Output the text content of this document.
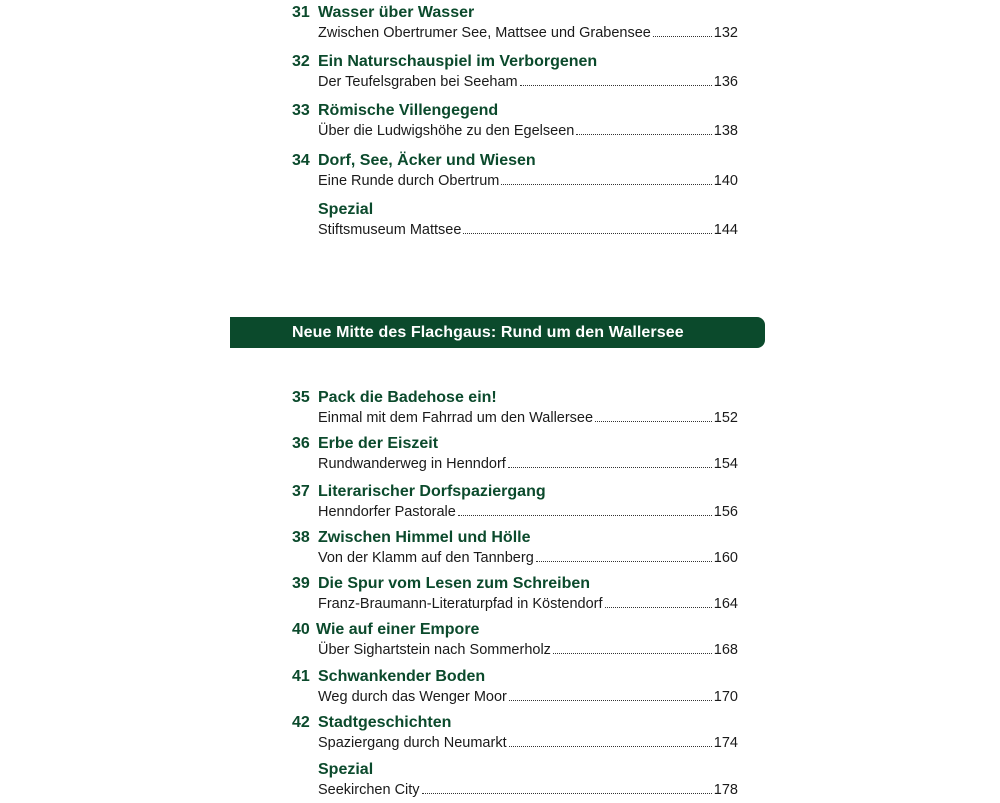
31 Wasser über Wasser
Zwischen Obertrumer See, Mattsee und Grabensee	132
32 Ein Naturschauspiel im Verborgenen
Der Teufelsgraben bei Seeham	136
33 Römische Villengegend
Über die Ludwigshöhe zu den Egelseen	138
34 Dorf, See, Äcker und Wiesen
Eine Runde durch Obertrum	140
Spezial
Stiftsmuseum Mattsee	144
Neue Mitte des Flachgaus: Rund um den Wallersee
35 Pack die Badehose ein!
Einmal mit dem Fahrrad um den Wallersee	152
36 Erbe der Eiszeit
Rundwanderweg in Henndorf	154
37 Literarischer Dorfspaziergang
Henndorfer Pastorale	156
38 Zwischen Himmel und Hölle
Von der Klamm auf den Tannberg	160
39 Die Spur vom Lesen zum Schreiben
Franz-Braumann-Literaturpfad in Köstendorf	164
40 Wie auf einer Empore
Über Sighartstein nach Sommerholz	168
41 Schwankender Boden
Weg durch das Wenger Moor	170
42 Stadtgeschichten
Spaziergang durch Neumarkt	174
Spezial
Seekirchen City	178
